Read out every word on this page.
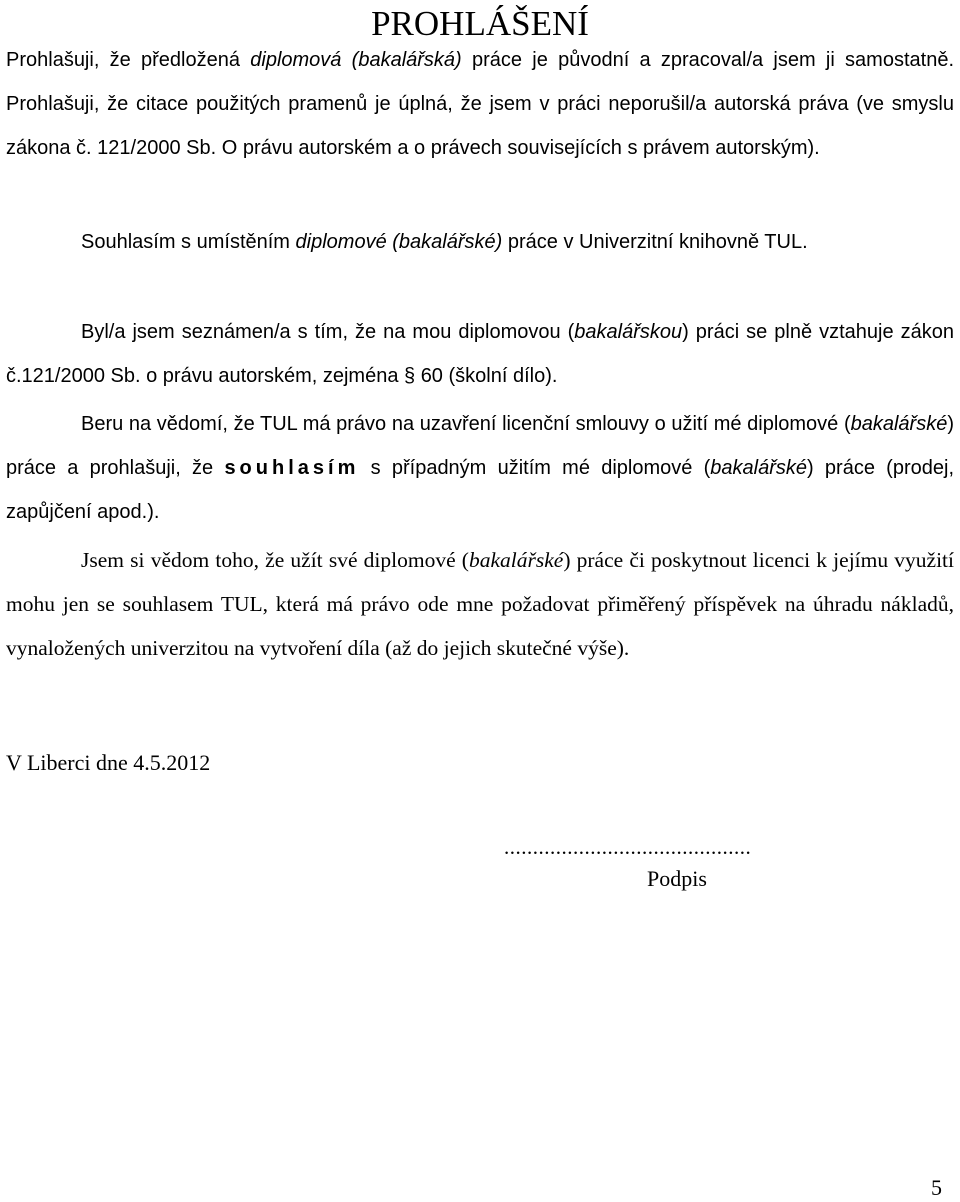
PROHLÁŠENÍ

Prohlašuji, že předložená diplomová (bakalářská) práce je původní a zpracoval/a jsem ji samostatně. Prohlašuji, že citace použitých pramenů je úplná, že jsem v práci neporušil/a autorská práva (ve smyslu zákona č. 121/2000 Sb. O právu autorském a o právech souvisejících s právem autorským).

Souhlasím s umístěním diplomové (bakalářské) práce v Univerzitní knihovně TUL.

Byl/a jsem seznámen/a s tím, že na mou diplomovou (bakalářskou) práci se plně vztahuje zákon č.121/2000 Sb. o právu autorském, zejména § 60 (školní dílo).

Beru na vědomí, že TUL má právo na uzavření licenční smlouvy o užití mé diplomové (bakalářské) práce a prohlašuji, že souhlasím s případným užitím mé diplomové (bakalářské) práce (prodej, zapůjčení apod.).

Jsem si vědom toho, že užít své diplomové (bakalářské) práce či poskytnout licenci k jejímu využití mohu jen se souhlasem TUL, která má právo ode mne požadovat přiměřený příspěvek na úhradu nákladů, vynaložených univerzitou na vytvoření díla (až do jejich skutečné výše).

V Liberci dne 4.5.2012
...........................................
Podpis
5
